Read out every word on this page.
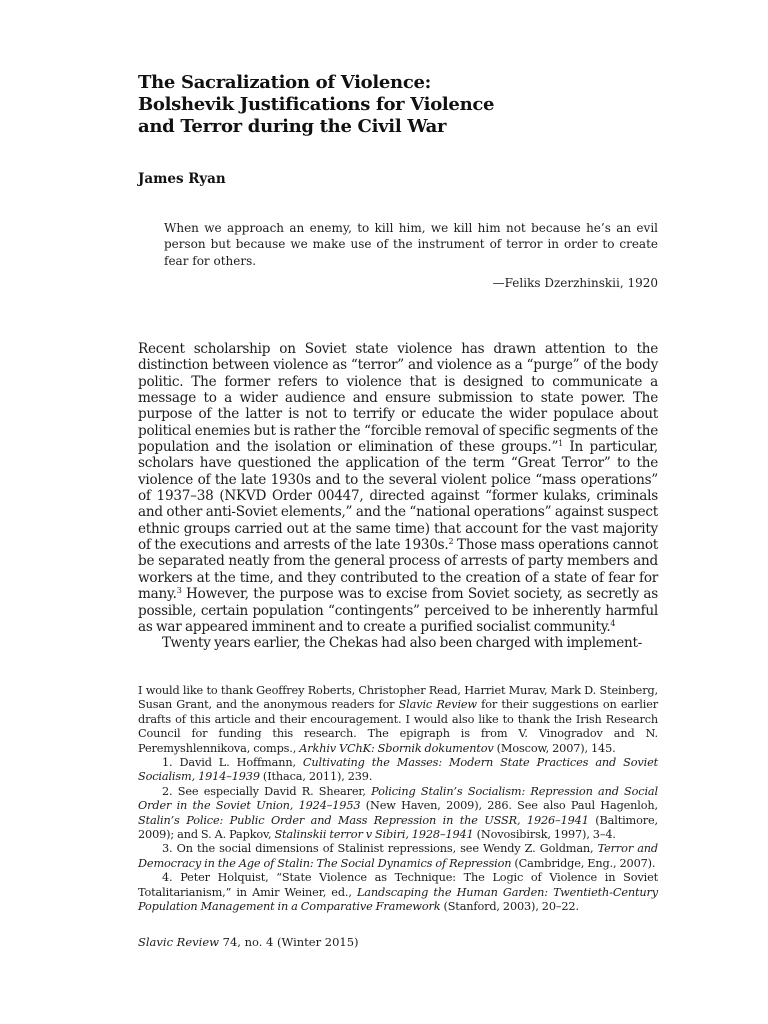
The Sacralization of Violence:
Bolshevik Justifications for Violence
and Terror during the Civil War
James Ryan

When we approach an enemy, to kill him, we kill him not because he’s an evil person but because we make use of the instrument of terror in order to create fear for others.

—Feliks Dzerzhinskii, 1920

Recent scholarship on Soviet state violence has drawn attention to the distinction between violence as “terror” and violence as a “purge” of the body politic. The former refers to violence that is designed to communicate a message to a wider audience and ensure submission to state power. The purpose of the latter is not to terrify or educate the wider populace about political enemies but is rather the “forcible removal of specific segments of the population and the isolation or elimination of these groups.”$^1$ In particular, scholars have questioned the application of the term “Great Terror” to the violence of the late 1930s and to the several violent police “mass operations” of 1937–38 (NKVD Order 00447, directed against “former kulaks, criminals and other anti-Soviet elements,” and the “national operations” against suspect ethnic groups carried out at the same time) that account for the vast majority of the executions and arrests of the late 1930s.$^2$ Those mass operations cannot be separated neatly from the general process of arrests of party members and workers at the time, and they contributed to the creation of a state of fear for many.$^3$ However, the purpose was to excise from Soviet society, as secretly as possible, certain population “contingents” perceived to be inherently harmful as war appeared imminent and to create a purified socialist community.$^4$

Twenty years earlier, the Chekas had also been charged with implement-

I would like to thank Geoffrey Roberts, Christopher Read, Harriet Murav, Mark D. Steinberg, Susan Grant, and the anonymous readers for Slavic Review for their suggestions on earlier drafts of this article and their encouragement. I would also like to thank the Irish Research Council for funding this research. The epigraph is from V. Vinogradov and N. Peremyshlennikova, comps., Arkhiv VChK: Sbornik dokumentov (Moscow, 2007), 145.

1. David L. Hoffmann, Cultivating the Masses: Modern State Practices and Soviet Socialism, 1914–1939 (Ithaca, 2011), 239.

2. See especially David R. Shearer, Policing Stalin’s Socialism: Repression and Social Order in the Soviet Union, 1924–1953 (New Haven, 2009), 286. See also Paul Hagenloh, Stalin’s Police: Public Order and Mass Repression in the USSR, 1926–1941 (Baltimore, 2009); and S. A. Papkov, Stalinskii terror v Sibiri, 1928–1941 (Novosibirsk, 1997), 3–4.

3. On the social dimensions of Stalinist repressions, see Wendy Z. Goldman, Terror and Democracy in the Age of Stalin: The Social Dynamics of Repression (Cambridge, Eng., 2007).

4. Peter Holquist, “State Violence as Technique: The Logic of Violence in Soviet Totalitarianism,” in Amir Weiner, ed., Landscaping the Human Garden: Twentieth-Century Population Management in a Comparative Framework (Stanford, 2003), 20–22.

Slavic Review 74, no. 4 (Winter 2015)
